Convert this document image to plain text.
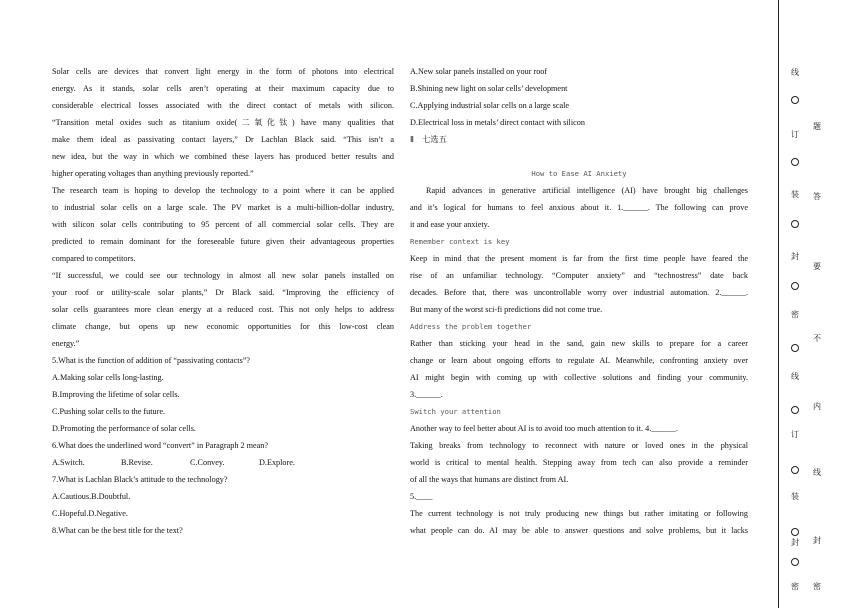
Solar cells are devices that convert light energy in the form of photons into electrical
energy. As it stands, solar cells aren’t operating at their maximum capacity due to
considerable electrical losses associated with the direct contact of metals with silicon.
“Transition metal oxides such as titanium oxide(二氧化钛) have many qualities that
make them ideal as passivating contact layers,” Dr Lachlan Black said. “This isn’t a
new idea, but the way in which we combined these layers has produced better results and
higher operating voltages than anything previously reported.”
The research team is hoping to develop the technology to a point where it can be applied
to industrial solar cells on a large scale. The PV market is a multi-billion-dollar industry,
with silicon solar cells contributing to 95 percent of all commercial solar cells. They are
predicted to remain dominant for the foreseeable future given their advantageous properties
compared to competitors.
“If successful, we could see our technology in almost all new solar panels installed on
your roof or utility-scale solar plants,” Dr Black said. “Improving the efficiency of
solar cells guarantees more clean energy at a reduced cost. This not only helps to address
climate change, but opens up new economic opportunities for this low-cost clean
energy.”
5.What is the function of addition of “passivating contacts”?
A.Making solar cells long-lasting.
B.Improving the lifetime of solar cells.
C.Pushing solar cells to the future.
D.Promoting the performance of solar cells.
6.What does the underlined word “convert” in Paragraph 2 mean?
A.Switch.	B.Revise.	C.Convey.	D.Explore.
7.What is Lachlan Black’s attitude to the technology?
A.Cautious.B.Doubtful.
C.Hopeful.D.Negative.
8.What can be the best title for the text?
A.New solar panels installed on your roof
B.Shining new light on solar cells’ development
C.Applying industrial solar cells on a large scale
D.Electrical loss in metals’ direct contact with silicon
Ⅱ　七选五
How to Ease AI Anxiety
Rapid advances in generative artificial intelligence (AI) have brought big challenges
and it’s logical for humans to feel anxious about it. 1.______. The following can prove
it and ease your anxiety.
Remember context is key
Keep in mind that the present moment is far from the first time people have feared the
rise of an unfamiliar technology. “Computer anxiety” and “technostress” date back
decades. Before that, there was uncontrollable worry over industrial automation. 2.______.
But many of the worst sci-fi predictions did not come true.
Address the problem together
Rather than sticking your head in the sand, gain new skills to prepare for a career
change or learn about ongoing efforts to regulate AI. Meanwhile, confronting anxiety over
AI might begin with coming up with collective solutions and finding your community.
3.______.
Switch your attention
Another way to feel better about AI is to avoid too much attention to it. 4.______.
Taking breaks from technology to reconnect with nature or loved ones in the physical
world is critical to mental health. Stepping away from tech can also provide a reminder
of all the ways that humans are distinct from AI.
5.____
The current technology is not truly producing new things but rather imitating or following
what people can do. AI may be able to answer questions and solve problems, but it lacks
线
订
装
封
密
线
订
装
封
密
题
答
要
不
内
线
封
密
